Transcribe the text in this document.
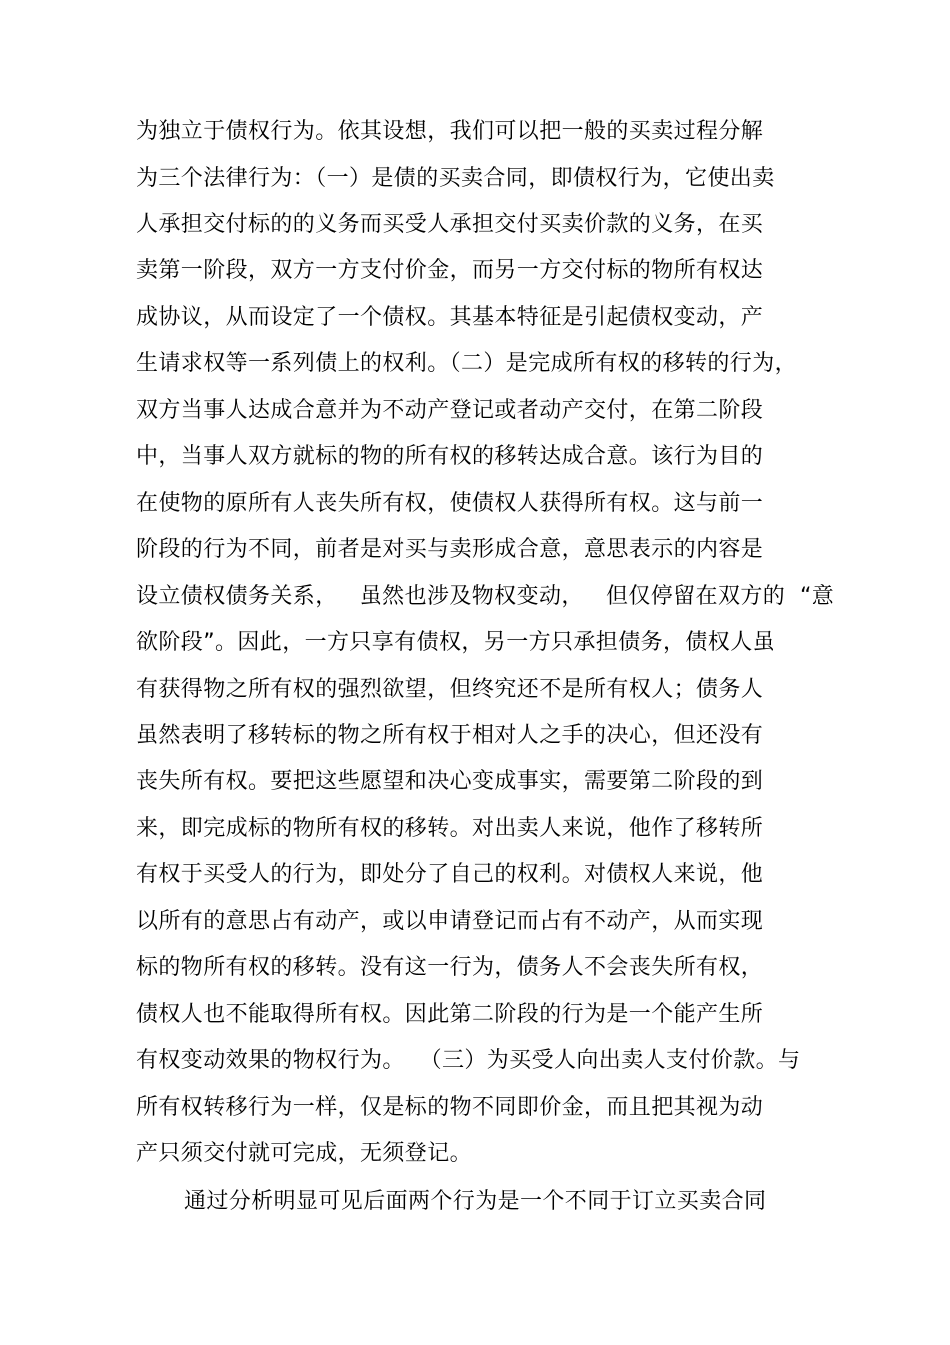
为独立于债权行为。依其设想，我们可以把一般的买卖过程分解
为三个法律行为：（一）是债的买卖合同，即债权行为，它使出卖
人承担交付标的的义务而买受人承担交付买卖价款的义务，在买
卖第一阶段，双方一方支付价金，而另一方交付标的物所有权达
成协议，从而设定了一个债权。其基本特征是引起债权变动，产
生请求权等一系列债上的权利。（二）是完成所有权的移转的行为，
双方当事人达成合意并为不动产登记或者动产交付，在第二阶段
中，当事人双方就标的物的所有权的移转达成合意。该行为目的
在使物的原所有人丧失所有权，使债权人获得所有权。这与前一
阶段的行为不同，前者是对买与卖形成合意，意思表示的内容是
设立债权债务关系，   虽然也涉及物权变动，   但仅停留在双方的  “意
欲阶段”。因此，一方只享有债权，另一方只承担债务，债权人虽
有获得物之所有权的强烈欲望，但终究还不是所有权人；债务人
虽然表明了移转标的物之所有权于相对人之手的决心，但还没有
丧失所有权。要把这些愿望和决心变成事实，需要第二阶段的到
来，即完成标的物所有权的移转。对出卖人来说，他作了移转所
有权于买受人的行为，即处分了自己的权利。对债权人来说，他
以所有的意思占有动产，或以申请登记而占有不动产，从而实现
标的物所有权的移转。没有这一行为，债务人不会丧失所有权，
债权人也不能取得所有权。因此第二阶段的行为是一个能产生所
有权变动效果的物权行为。  （三）为买受人向出卖人支付价款。与
所有权转移行为一样，仅是标的物不同即价金，而且把其视为动
产只须交付就可完成，无须登记。
通过分析明显可见后面两个行为是一个不同于订立买卖合同
